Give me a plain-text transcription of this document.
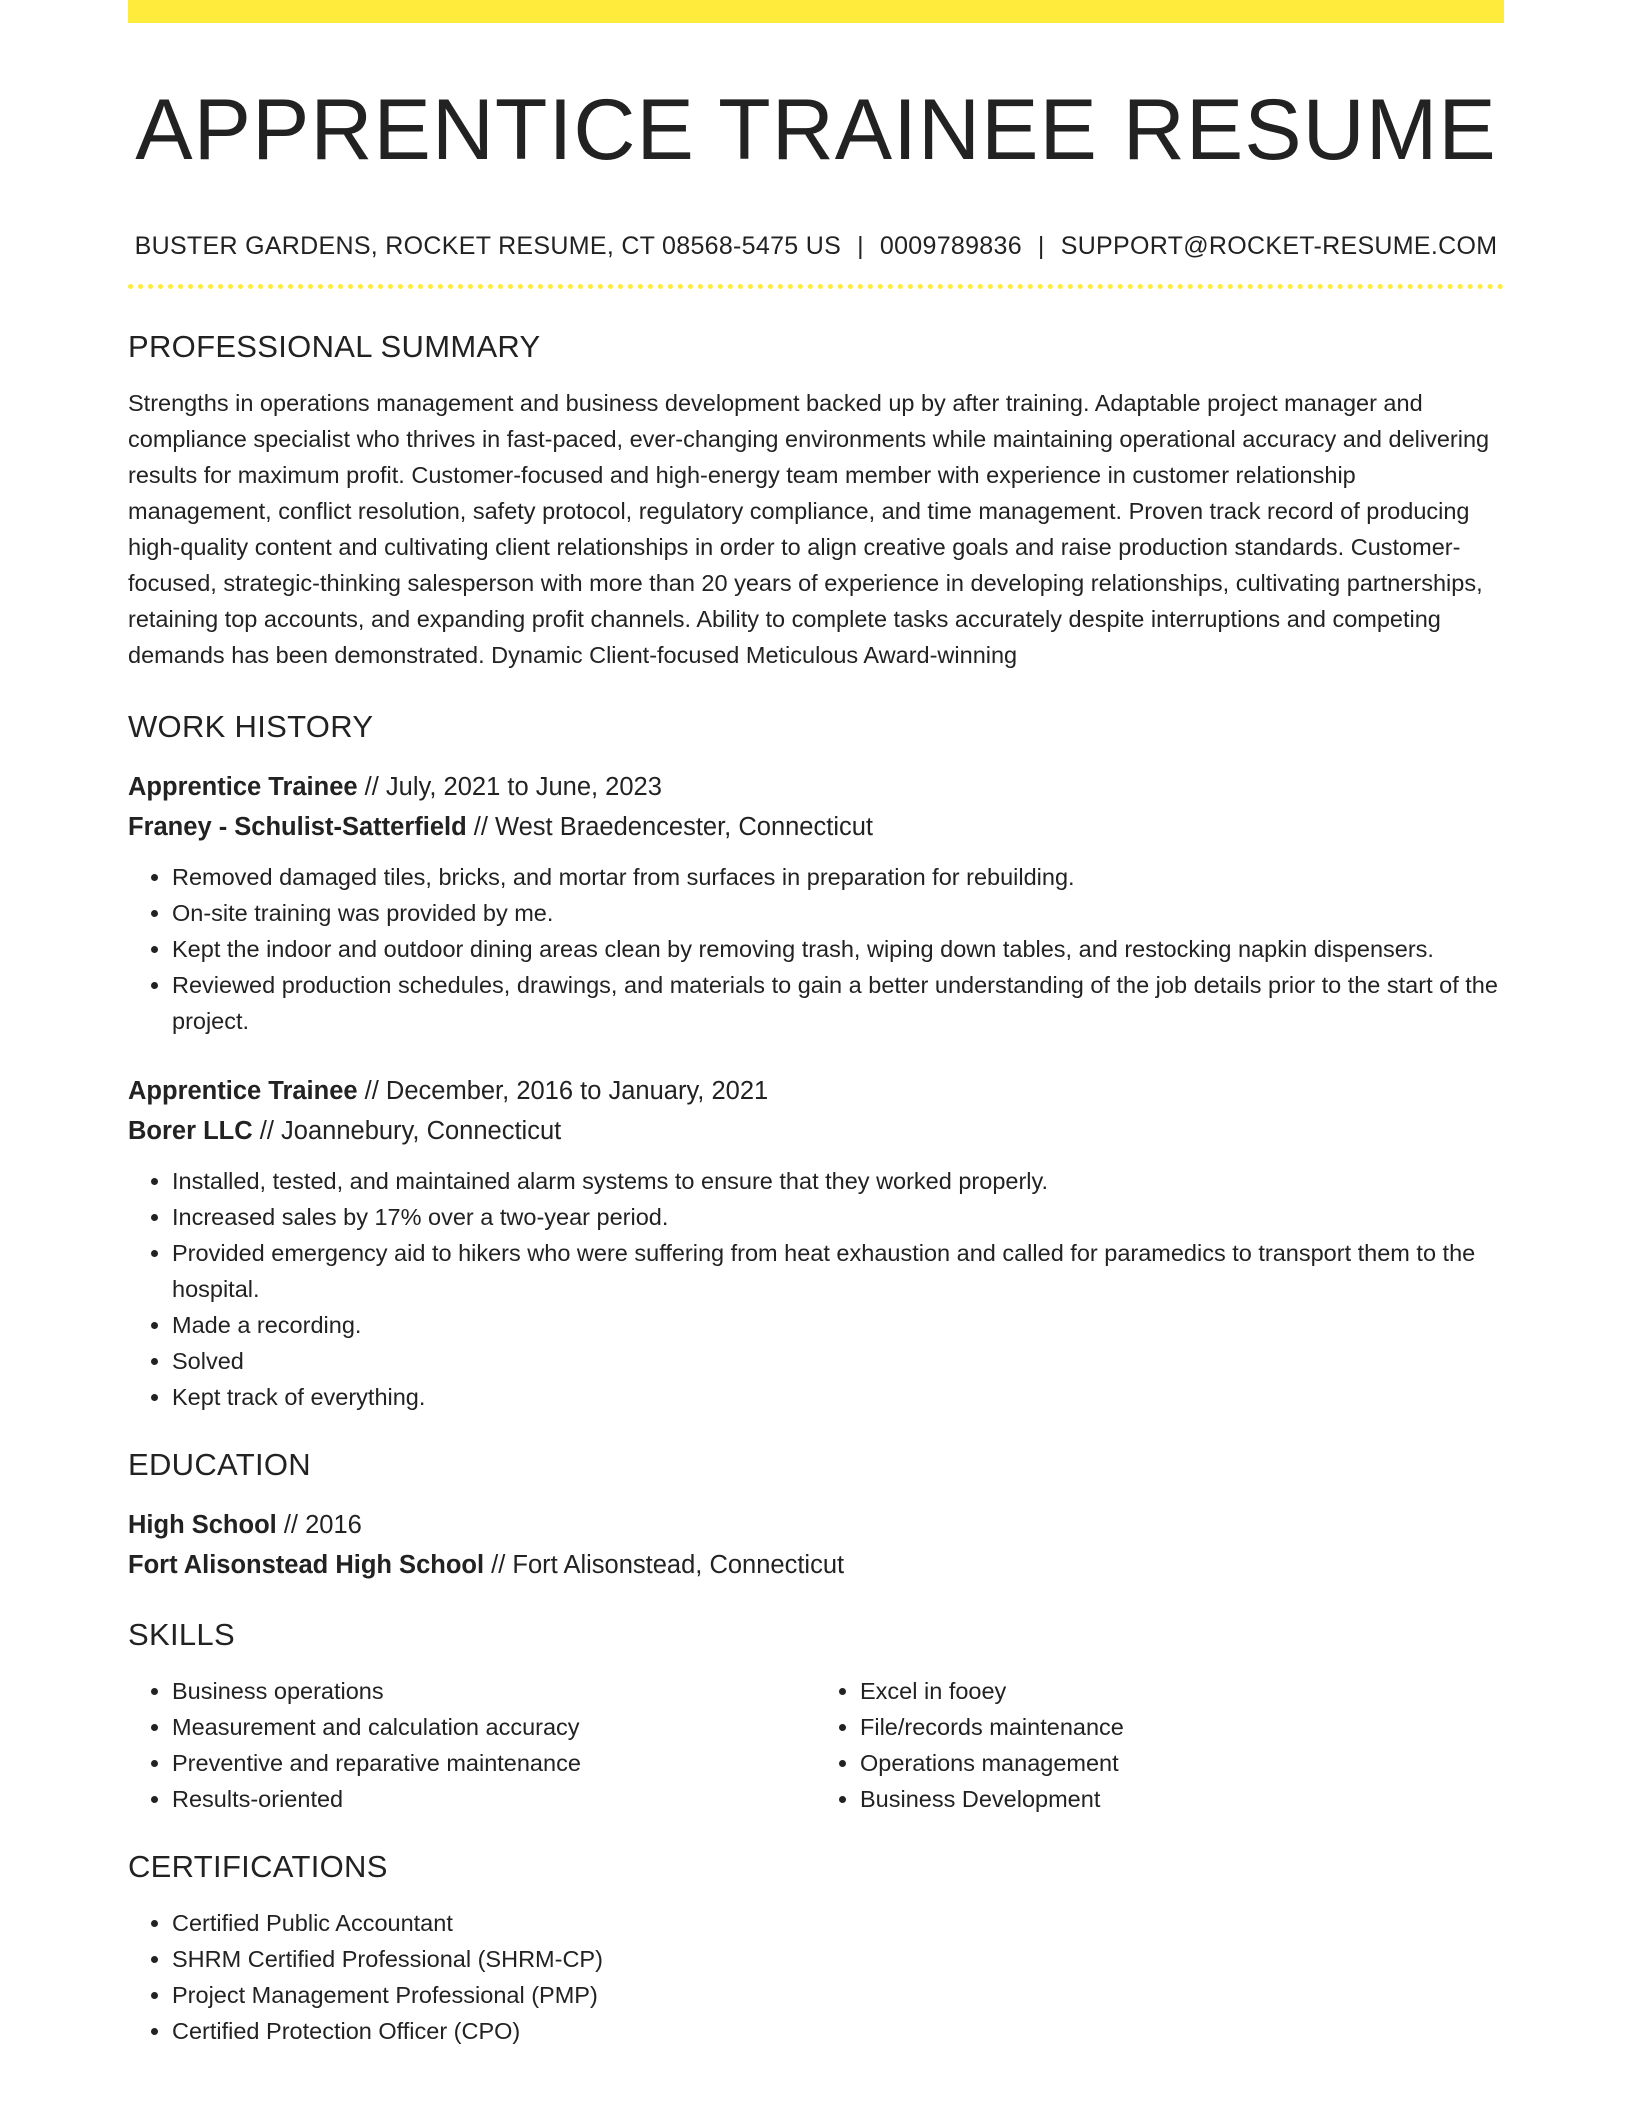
APPRENTICE TRAINEE RESUME
BUSTER GARDENS, ROCKET RESUME, CT 08568-5475 US | 0009789836 | SUPPORT@ROCKET-RESUME.COM
PROFESSIONAL SUMMARY

Strengths in operations management and business development backed up by after training. Adaptable project manager and compliance specialist who thrives in fast-paced, ever-changing environments while maintaining operational accuracy and delivering results for maximum profit. Customer-focused and high-energy team member with experience in customer relationship management, conflict resolution, safety protocol, regulatory compliance, and time management. Proven track record of producing high-quality content and cultivating client relationships in order to align creative goals and raise production standards. Customer-focused, strategic-thinking salesperson with more than 20 years of experience in developing relationships, cultivating partnerships, retaining top accounts, and expanding profit channels. Ability to complete tasks accurately despite interruptions and competing demands has been demonstrated. Dynamic Client-focused Meticulous Award-winning

WORK HISTORY
Apprentice Trainee // July, 2021 to June, 2023
Franey - Schulist-Satterfield // West Braedencester, Connecticut
• Removed damaged tiles, bricks, and mortar from surfaces in preparation for rebuilding.
• On-site training was provided by me.
• Kept the indoor and outdoor dining areas clean by removing trash, wiping down tables, and restocking napkin dispensers.
• Reviewed production schedules, drawings, and materials to gain a better understanding of the job details prior to the start of the project.
Apprentice Trainee // December, 2016 to January, 2021
Borer LLC // Joannebury, Connecticut
• Installed, tested, and maintained alarm systems to ensure that they worked properly.
• Increased sales by 17% over a two-year period.
• Provided emergency aid to hikers who were suffering from heat exhaustion and called for paramedics to transport them to the hospital.
• Made a recording.
• Solved
• Kept track of everything.
EDUCATION
High School // 2016
Fort Alisonstead High School // Fort Alisonstead, Connecticut
SKILLS
• Business operations
• Measurement and calculation accuracy
• Preventive and reparative maintenance
• Results-oriented
• Excel in fooey
• File/records maintenance
• Operations management
• Business Development
CERTIFICATIONS
• Certified Public Accountant
• SHRM Certified Professional (SHRM-CP)
• Project Management Professional (PMP)
• Certified Protection Officer (CPO)
